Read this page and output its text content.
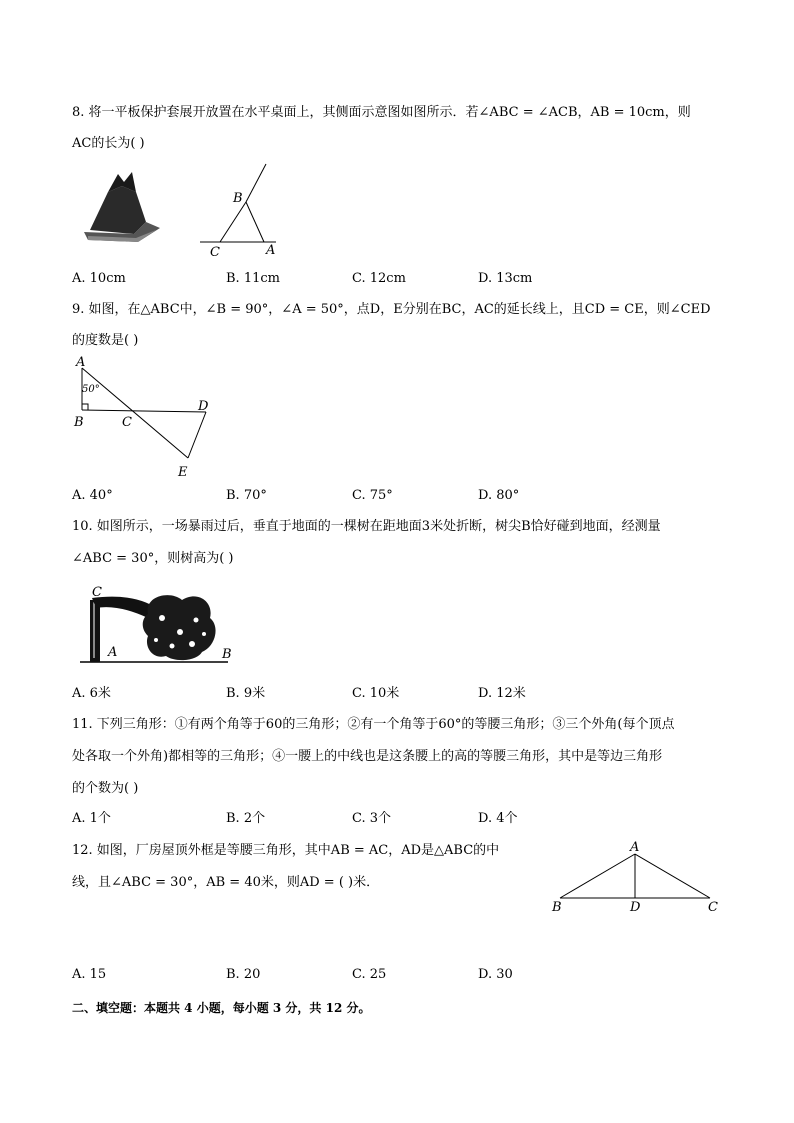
8. 将一平板保护套展开放置在水平桌面上，其侧面示意图如图所示．若∠ABC = ∠ACB，AB = 10cm，则
AC的长为( )
B
C	A
A. 10cm	B. 11cm	C. 12cm	D. 13cm
9. 如图，在△ABC中，∠B = 90°，∠A = 50°，点D，E分别在BC，AC的延长线上，且CD = CE，则∠CED
的度数是( )
A
50°
B	C
D
E
A. 40°	B. 70°	C. 75°	D. 80°
10. 如图所示，一场暴雨过后，垂直于地面的一棵树在距地面3米处折断，树尖B恰好碰到地面，经测量
∠ABC = 30°，则树高为( )
C
A	B
A. 6米	B. 9米	C. 10米	D. 12米
11. 下列三角形：①有两个角等于60的三角形；②有一个角等于60°的等腰三角形；③三个外角(每个顶点
处各取一个外角)都相等的三角形；④一腰上的中线也是这条腰上的高的等腰三角形，其中是等边三角形
的个数为( )
A. 1个	B. 2个	C. 3个	D. 4个
12. 如图，厂房屋顶外框是等腰三角形，其中AB = AC，AD是△ABC的中
线，且∠ABC = 30°，AB = 40米，则AD = ( )米．
A
B	D	C
A. 15	B. 20	C. 25	D. 30
二、填空题：本题共 4 小题，每小题 3 分，共 12 分。
